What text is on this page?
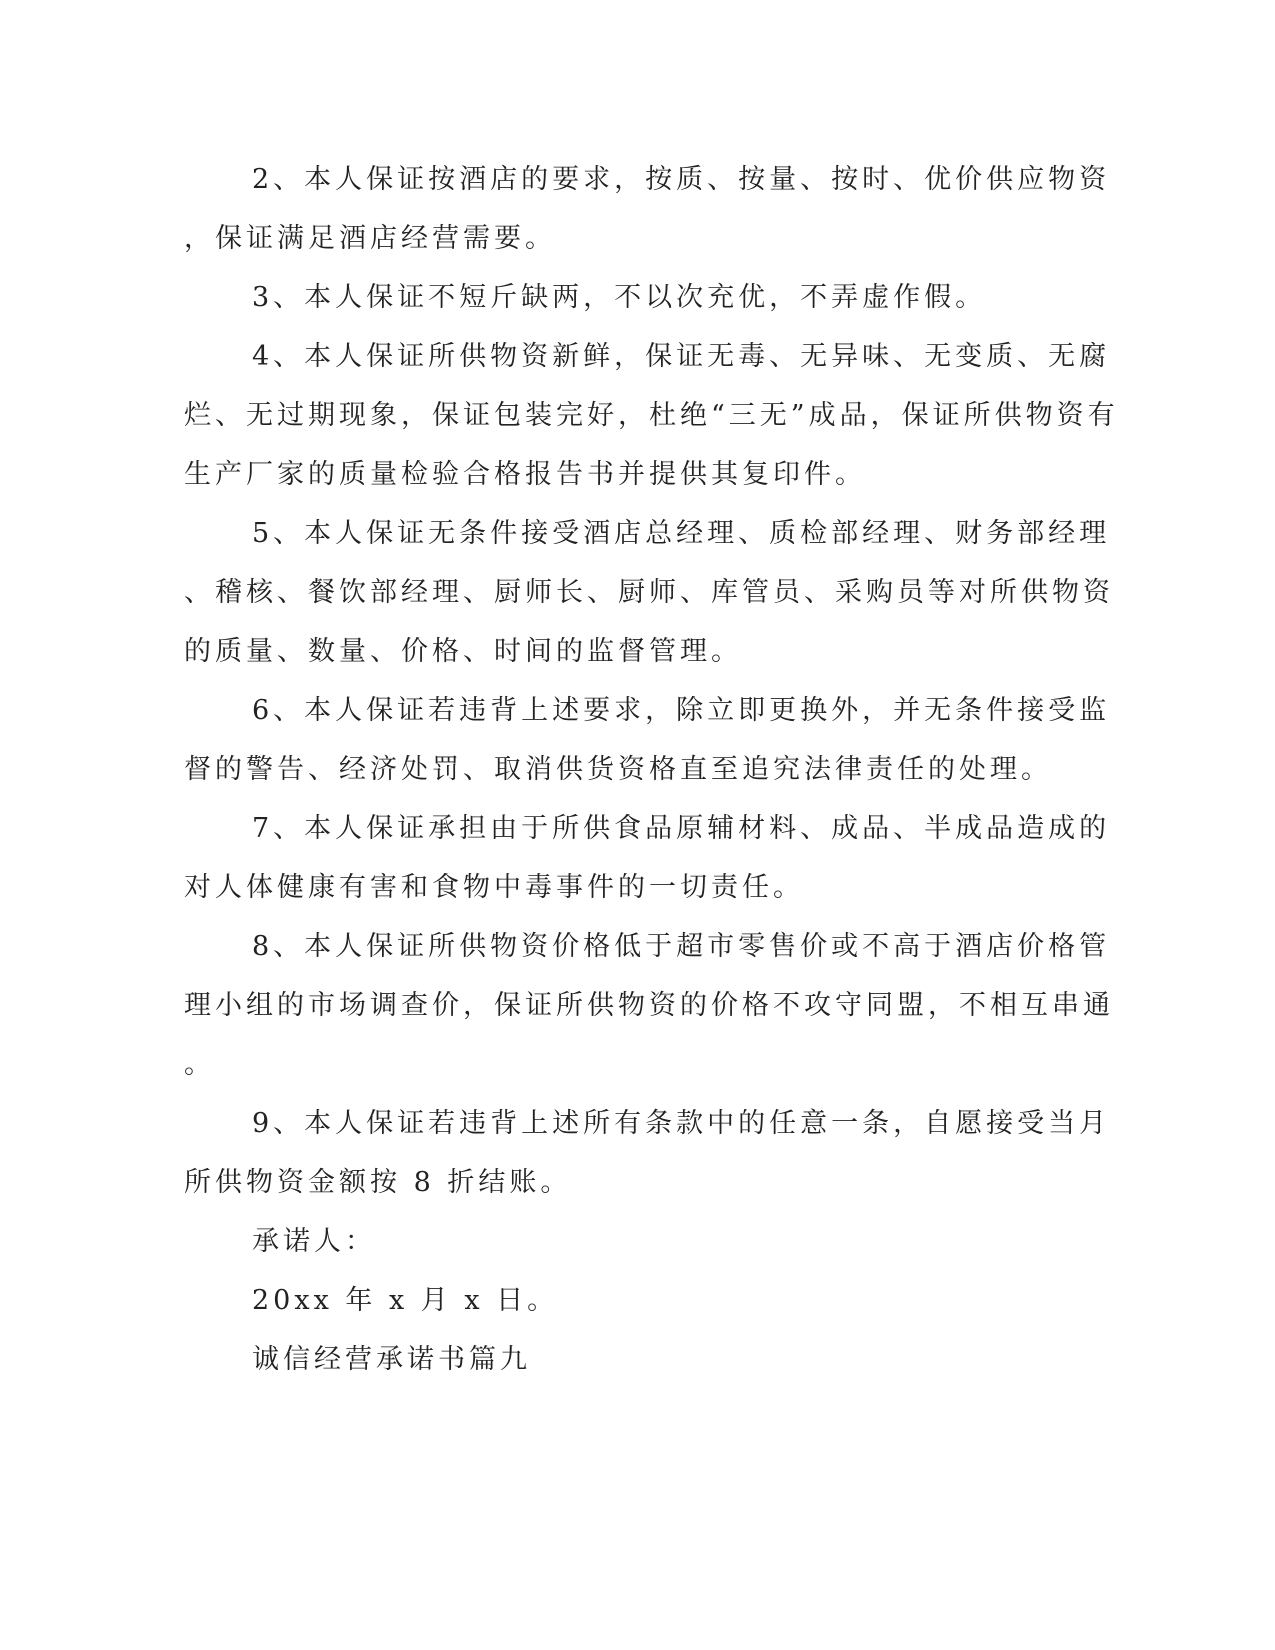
2、本人保证按酒店的要求，按质、按量、按时、优价供应物资
，保证满足酒店经营需要。
3、本人保证不短斤缺两，不以次充优，不弄虚作假。
4、本人保证所供物资新鲜，保证无毒、无异味、无变质、无腐
烂、无过期现象，保证包装完好，杜绝“三无”成品，保证所供物资有
生产厂家的质量检验合格报告书并提供其复印件。
5、本人保证无条件接受酒店总经理、质检部经理、财务部经理
、稽核、餐饮部经理、厨师长、厨师、库管员、采购员等对所供物资
的质量、数量、价格、时间的监督管理。
6、本人保证若违背上述要求，除立即更换外，并无条件接受监
督的警告、经济处罚、取消供货资格直至追究法律责任的处理。
7、本人保证承担由于所供食品原辅材料、成品、半成品造成的
对人体健康有害和食物中毒事件的一切责任。
8、本人保证所供物资价格低于超市零售价或不高于酒店价格管
理小组的市场调查价，保证所供物资的价格不攻守同盟，不相互串通
。
9、本人保证若违背上述所有条款中的任意一条，自愿接受当月
所供物资金额按 8 折结账。
承诺人：
20xx 年 x 月 x 日。
诚信经营承诺书篇九
